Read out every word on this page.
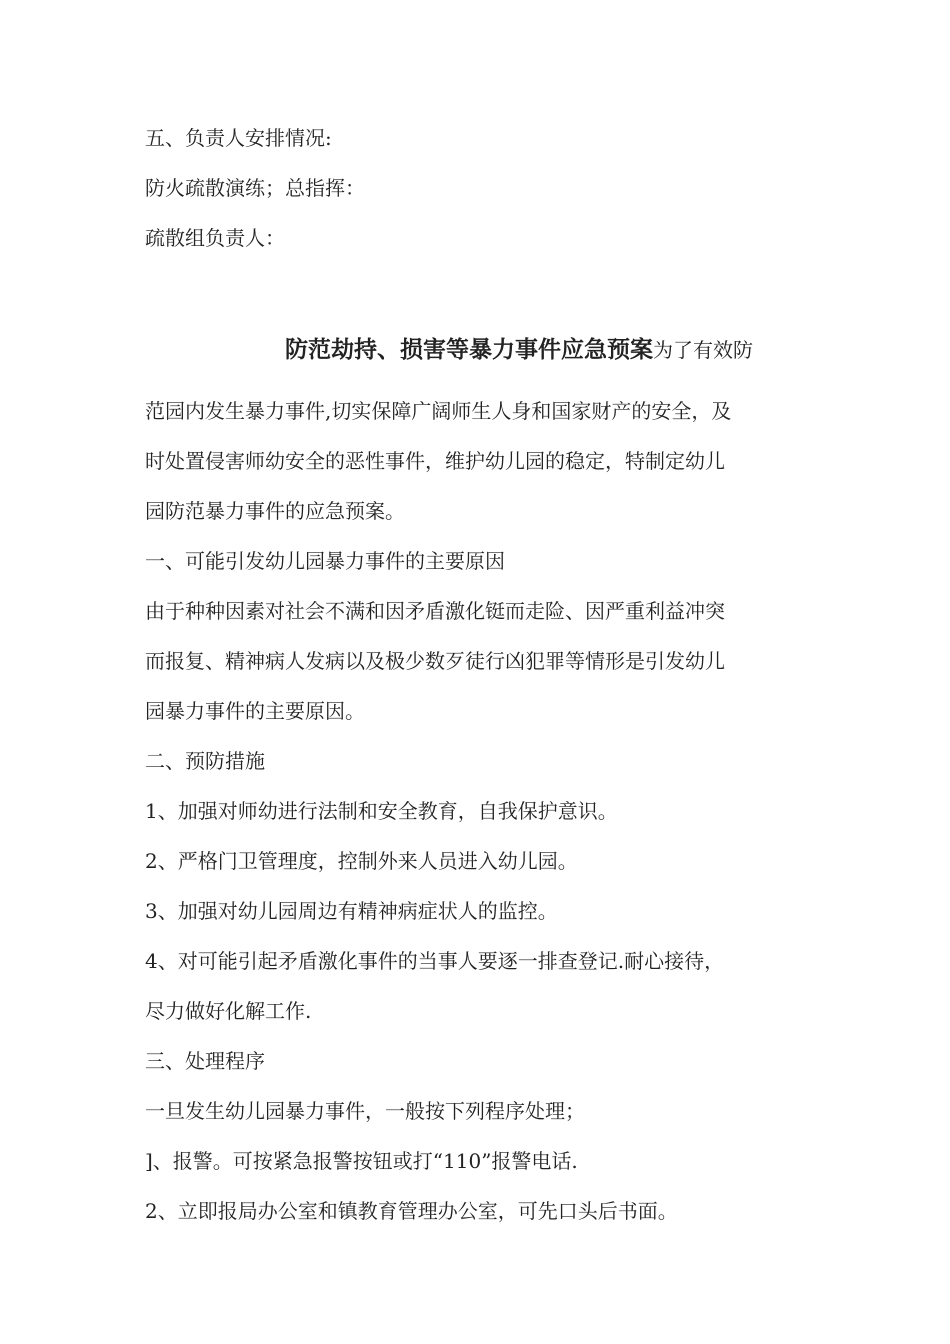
五、负责人安排情况:
防火疏散演练；总指挥：
疏散组负责人：
防范劫持、损害等暴力事件应急预案为了有效防
范园内发生暴力事件,切实保障广阔师生人身和国家财产的安全，及
时处置侵害师幼安全的恶性事件，维护幼儿园的稳定，特制定幼儿
园防范暴力事件的应急预案。
一、可能引发幼儿园暴力事件的主要原因
由于种种因素对社会不满和因矛盾激化铤而走险、因严重利益冲突
而报复、精神病人发病以及极少数歹徒行凶犯罪等情形是引发幼儿
园暴力事件的主要原因。
二、预防措施
1、加强对师幼进行法制和安全教育，自我保护意识。
2、严格门卫管理度，控制外来人员进入幼儿园。
3、加强对幼儿园周边有精神病症状人的监控。
4、对可能引起矛盾激化事件的当事人要逐一排查登记.耐心接待，
尽力做好化解工作.
三、处理程序
一旦发生幼儿园暴力事件，一般按下列程序处理；
]、报警。可按紧急报警按钮或打“110”报警电话.
2、立即报局办公室和镇教育管理办公室，可先口头后书面。
